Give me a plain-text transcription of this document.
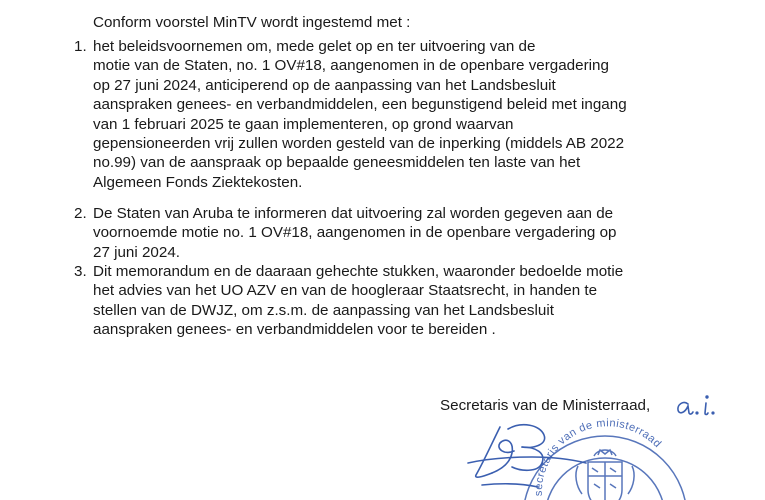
Conform voorstel MinTV wordt ingestemd met :
1. het beleidsvoornemen om, mede gelet op en ter uitvoering van de
motie van de Staten, no. 1 OV#18, aangenomen in de openbare vergadering
op 27 juni 2024, anticiperend op de aanpassing van het Landsbesluit
aanspraken genees- en verbandmiddelen, een begunstigend beleid met ingang
van 1 februari 2025 te gaan implementeren, op grond waarvan
gepensioneerden vrij zullen worden gesteld van de inperking (middels AB 2022
no.99) van de aanspraak op bepaalde geneesmiddelen ten laste van het
Algemeen Fonds Ziektekosten.
2. De Staten van Aruba te informeren dat uitvoering zal worden gegeven aan de
voornoemde motie no. 1 OV#18, aangenomen in de openbare vergadering op
27 juni 2024.
3. Dit memorandum en de daaraan gehechte stukken, waaronder bedoelde motie
het advies van het UO AZV en van de hoogleraar Staatsrecht, in handen te
stellen van de DWJZ, om z.s.m. de aanpassing van het Landsbesluit
aanspraken genees- en verbandmiddelen voor te bereiden .
Secretaris van de Ministerraad,
secretaris van de ministerraad
